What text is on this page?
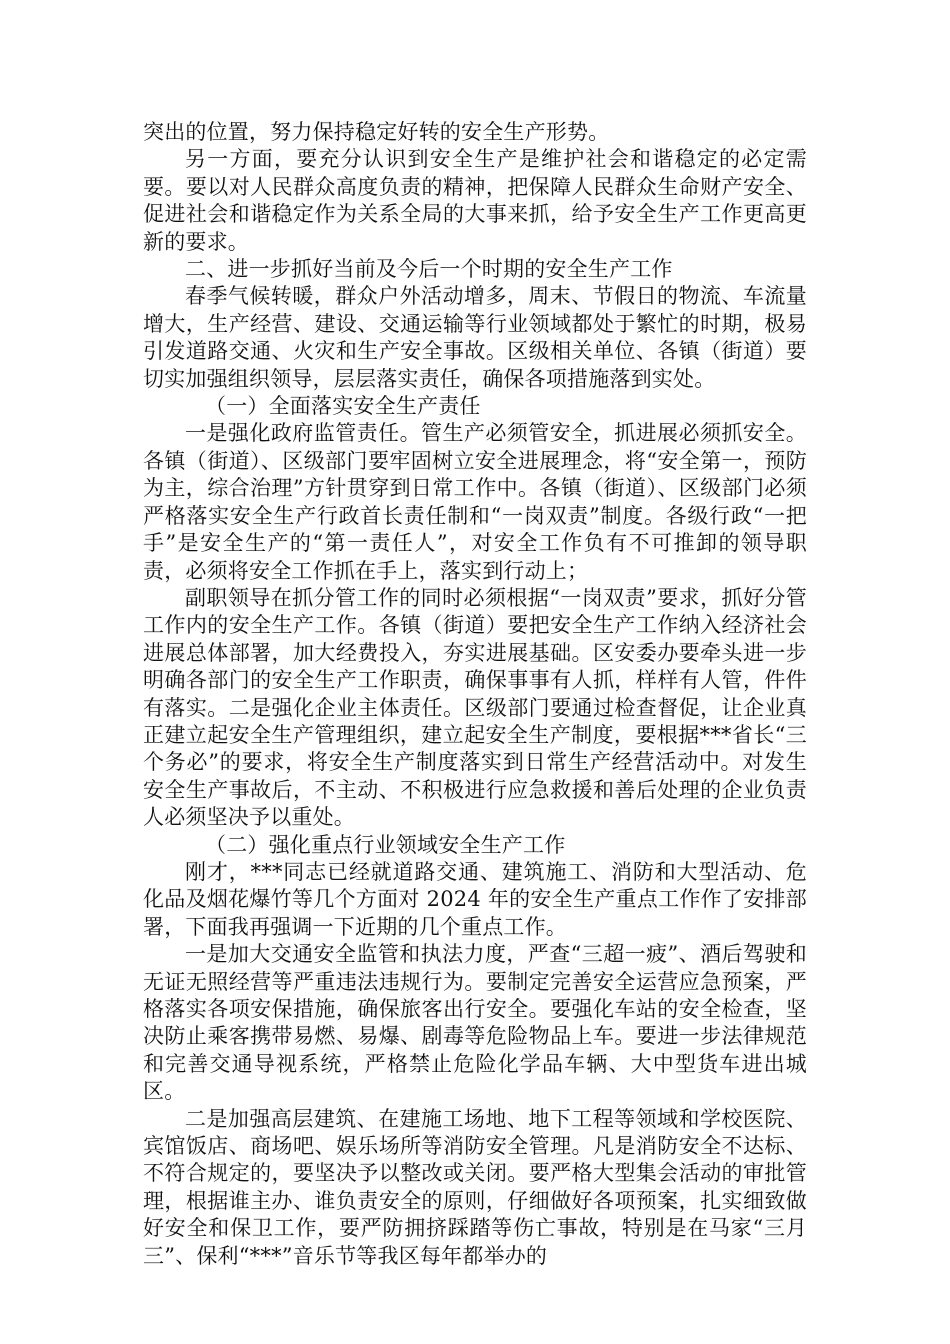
突出的位置，努力保持稳定好转的安全生产形势。

另一方面，要充分认识到安全生产是维护社会和谐稳定的必定需要。要以对人民群众高度负责的精神，把保障人民群众生命财产安全、促进社会和谐稳定作为关系全局的大事来抓，给予安全生产工作更高更新的要求。

二、进一步抓好当前及今后一个时期的安全生产工作

春季气候转暖，群众户外活动增多，周末、节假日的物流、车流量增大，生产经营、建设、交通运输等行业领域都处于繁忙的时期，极易引发道路交通、火灾和生产安全事故。区级相关单位、各镇（街道）要切实加强组织领导，层层落实责任，确保各项措施落到实处。

（一）全面落实安全生产责任

一是强化政府监管责任。管生产必须管安全，抓进展必须抓安全。各镇（街道）、区级部门要牢固树立安全进展理念，将“安全第一，预防为主，综合治理”方针贯穿到日常工作中。各镇（街道）、区级部门必须严格落实安全生产行政首长责任制和“一岗双责”制度。各级行政“一把手”是安全生产的“第一责任人”，对安全工作负有不可推卸的领导职责，必须将安全工作抓在手上，落实到行动上；

副职领导在抓分管工作的同时必须根据“一岗双责”要求，抓好分管工作内的安全生产工作。各镇（街道）要把安全生产工作纳入经济社会进展总体部署，加大经费投入，夯实进展基础。区安委办要牵头进一步明确各部门的安全生产工作职责，确保事事有人抓，样样有人管，件件有落实。二是强化企业主体责任。区级部门要通过检查督促，让企业真正建立起安全生产管理组织，建立起安全生产制度，要根据***省长“三个务必”的要求，将安全生产制度落实到日常生产经营活动中。对发生安全生产事故后，不主动、不积极进行应急救援和善后处理的企业负责人必须坚决予以重处。

（二）强化重点行业领域安全生产工作

刚才，***同志已经就道路交通、建筑施工、消防和大型活动、危化品及烟花爆竹等几个方面对 2024 年的安全生产重点工作作了安排部署，下面我再强调一下近期的几个重点工作。

一是加大交通安全监管和执法力度，严查“三超一疲”、酒后驾驶和无证无照经营等严重违法违规行为。要制定完善安全运营应急预案，严格落实各项安保措施，确保旅客出行安全。要强化车站的安全检查，坚决防止乘客携带易燃、易爆、剧毒等危险物品上车。要进一步法律规范和完善交通导视系统，严格禁止危险化学品车辆、大中型货车进出城区。

二是加强高层建筑、在建施工场地、地下工程等领域和学校医院、宾馆饭店、商场吧、娱乐场所等消防安全管理。凡是消防安全不达标、不符合规定的，要坚决予以整改或关闭。要严格大型集会活动的审批管理，根据谁主办、谁负责安全的原则，仔细做好各项预案，扎实细致做好安全和保卫工作，要严防拥挤踩踏等伤亡事故，特别是在马家“三月三”、保利“***”音乐节等我区每年都举办的
